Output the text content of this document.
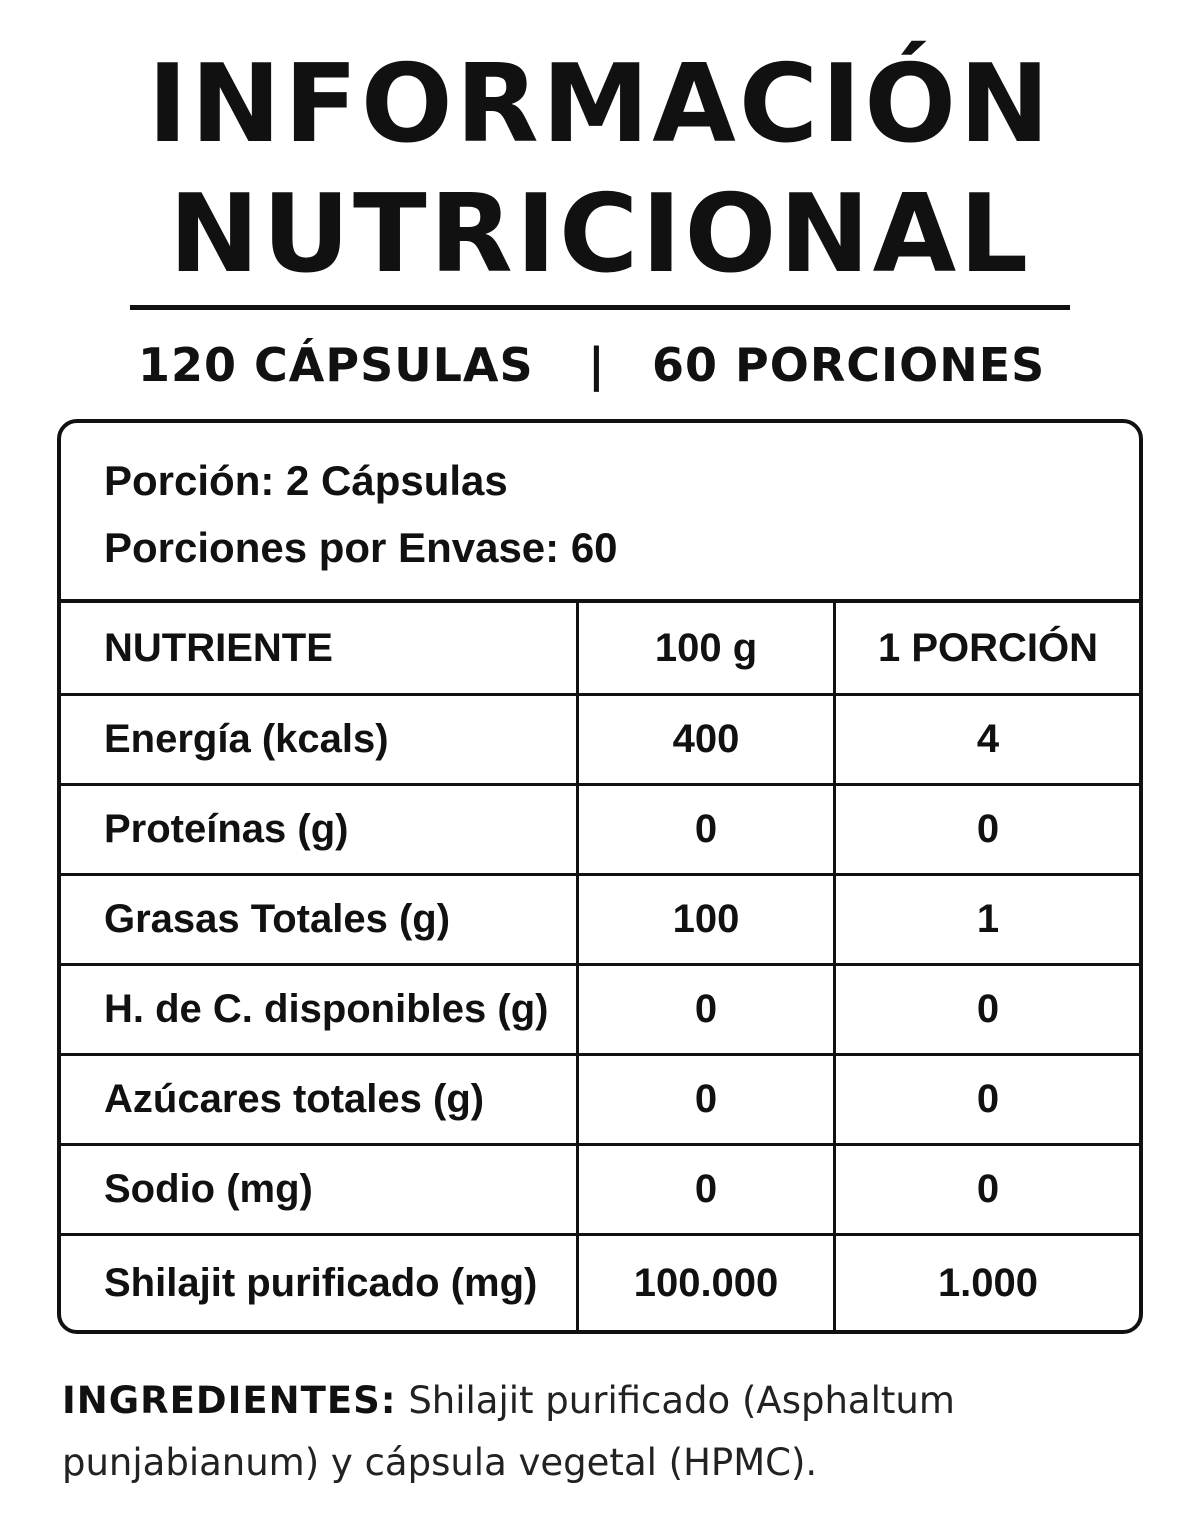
INFORMACIÓN
NUTRICIONAL
120 CÁPSULAS | 60 PORCIONES
Porción: 2 Cápsulas
Porciones por Envase: 60
NUTRIENTE	100 g	1 PORCIÓN
Energía (kcals)	400	4
Proteínas (g)	0	0
Grasas Totales (g)	100	1
H. de C. disponibles (g)	0	0
Azúcares totales (g)	0	0
Sodio (mg)	0	0
Shilajit purificado (mg)	100.000	1.000
INGREDIENTES: Shilajit purificado (Asphaltum punjabianum) y cápsula vegetal (HPMC).
